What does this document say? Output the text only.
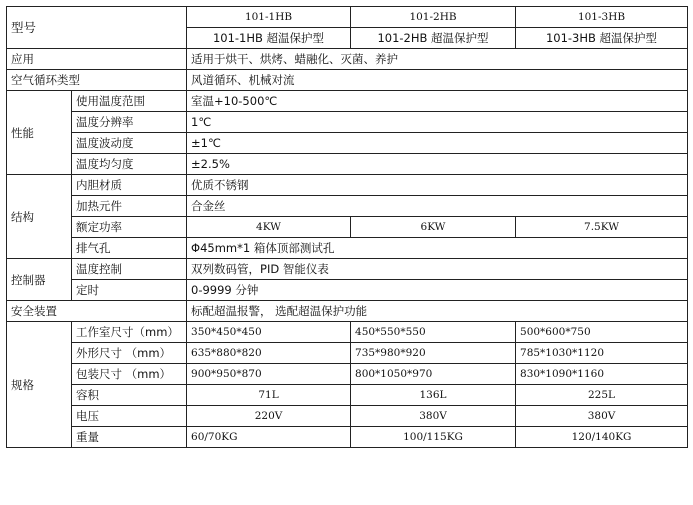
型号		101-1HB	101-2HB	101-3HB
		101-1HB 超温保护型	101-2HB 超温保护型	101-3HB 超温保护型
应用		适用于烘干、烘烤、蜡融化、灭菌、养护		
空气循环类型		风道循环、机械对流		
性能	使用温度范围	室温+10-500℃		
	温度分辨率	1℃		
	温度波动度	±1℃		
	温度均匀度	±2.5%		
结构	内胆材质	优质不锈钢		
	加热元件	合金丝		
	额定功率	4KW	6KW	7.5KW
	排气孔	Φ45mm*1 箱体顶部测试孔		
控制器	温度控制	双列数码管，PID 智能仪表		
	定时	0-9999 分钟		
安全装置		标配超温报警， 选配超温保护功能		
规格	工作室尺寸（mm）	350*450*450	450*550*550	500*600*750
	外形尺寸 （mm）	635*880*820	735*980*920	785*1030*1120
	包装尺寸 （mm）	900*950*870	800*1050*970	830*1090*1160
	容积	71L	136L	225L
	电压	220V	380V	380V
	重量	60/70KG	100/115KG	120/140KG
